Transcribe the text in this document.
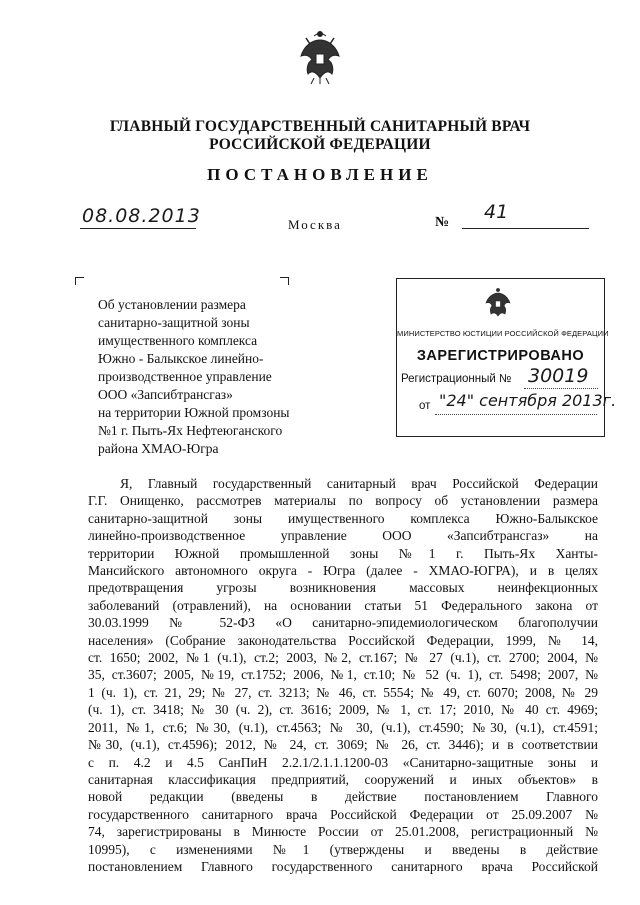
ГЛАВНЫЙ ГОСУДАРСТВЕННЫЙ САНИТАРНЫЙ ВРАЧ
РОССИЙСКОЙ ФЕДЕРАЦИИ
ПОСТАНОВЛЕНИЕ
08.08.2013	Москва	№ 41
Об установлении размера
санитарно-защитной зоны
имущественного комплекса
Южно - Балыкское линейно-
производственное управление
ООО «Запсибтрансгаз»
на территории Южной промзоны
№1 г. Пыть-Ях Нефтеюганского
района ХМАО-Югра
МИНИСТЕРСТВО ЮСТИЦИИ РОССИЙСКОЙ ФЕДЕРАЦИИ
ЗАРЕГИСТРИРОВАНО
Регистрационный № 30019
от "24" сентября 2013г.
Я, Главный государственный санитарный врач Российской Федерации
Г.Г. Онищенко, рассмотрев материалы по вопросу об установлении размера
санитарно-защитной зоны имущественного комплекса Южно-Балыкское
линейно-производственное управление ООО «Запсибтрансгаз» на
территории Южной промышленной зоны №1 г. Пыть-Ях Ханты-
Мансийского автономного округа - Югра (далее - ХМАО-ЮГРА), и в целях
предотвращения угрозы возникновения массовых неинфекционных
заболеваний (отравлений), на основании статьи 51 Федерального закона от
30.03.1999 № 52-ФЗ «О санитарно-эпидемиологическом благополучии
населения» (Собрание законодательства Российской Федерации, 1999, № 14,
ст. 1650; 2002, №1 (ч.1), ст.2; 2003, №2, ст.167; № 27 (ч.1), ст. 2700; 2004, №
35, ст.3607; 2005, №19, ст.1752; 2006, №1, ст.10; № 52 (ч. 1), ст. 5498; 2007, №
1 (ч. 1), ст. 21, 29; № 27, ст. 3213; № 46, ст. 5554; № 49, ст. 6070; 2008, № 29
(ч. 1), ст. 3418; № 30 (ч. 2), ст. 3616; 2009, № 1, ст. 17; 2010, № 40 ст. 4969;
2011, №1, ст.6; №30, (ч.1), ст.4563; № 30, (ч.1), ст.4590; №30, (ч.1), ст.4591;
№30, (ч.1), ст.4596); 2012, № 24, ст. 3069; № 26, ст. 3446); и в соответствии
с п. 4.2 и 4.5 СанПиН 2.2.1/2.1.1.1200-03 «Санитарно-защитные зоны и
санитарная классификация предприятий, сооружений и иных объектов» в
новой редакции (введены в действие постановлением Главного
государственного санитарного врача Российской Федерации от 25.09.2007 №
74, зарегистрированы в Минюсте России от 25.01.2008, регистрационный №
10995), с изменениями №1 (утверждены и введены в действие
постановлением Главного государственного санитарного врача Российской
